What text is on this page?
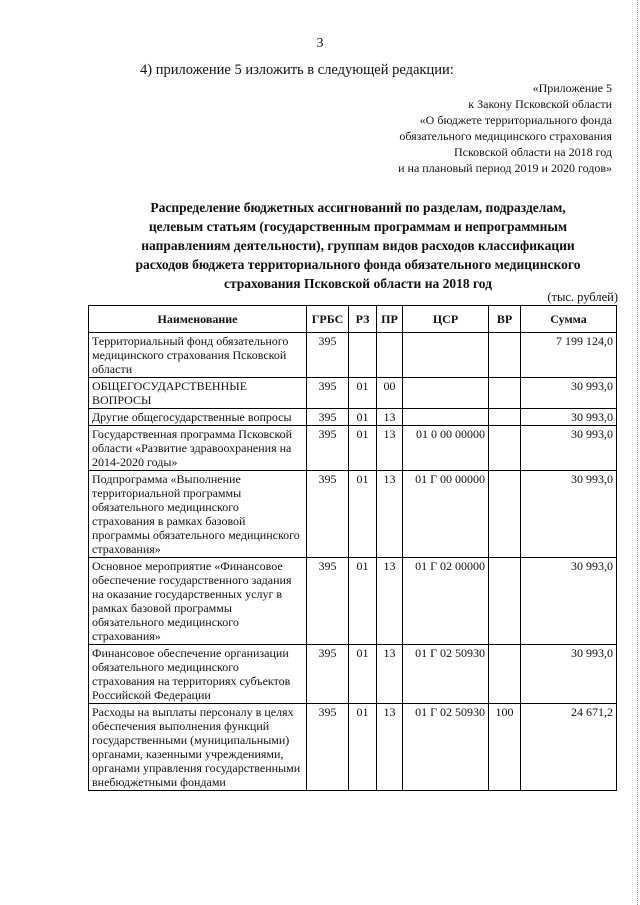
3
4) приложение 5 изложить в следующей редакции:
«Приложение 5
к Закону Псковской области
«О бюджете территориального фонда
обязательного медицинского страхования
Псковской области на 2018 год
и на плановый период 2019 и 2020 годов»
Распределение бюджетных ассигнований по разделам, подразделам,
целевым статьям (государственным программам и непрограммным
направлениям деятельности), группам видов расходов классификации
расходов бюджета территориального фонда обязательного медицинского
страхования Псковской области на 2018 год
(тыс. рублей)
Наименование	ГРБС	РЗ	ПР	ЦСР	ВР	Сумма
Территориальный фонд обязательного медицинского страхования Псковской области	395					7 199 124,0
ОБЩЕГОСУДАРСТВЕННЫЕ ВОПРОСЫ	395	01	00			30 993,0
Другие общегосударственные вопросы	395	01	13			30 993,0
Государственная программа Псковской области «Развитие здравоохранения на 2014-2020 годы»	395	01	13	01 0 00 00000		30 993,0
Подпрограмма «Выполнение территориальной программы обязательного медицинского страхования в рамках базовой программы обязательного медицинского страхования»	395	01	13	01 Г 00 00000		30 993,0
Основное мероприятие «Финансовое обеспечение государственного задания на оказание государственных услуг в рамках базовой программы обязательного медицинского страхования»	395	01	13	01 Г 02 00000		30 993,0
Финансовое обеспечение организации обязательного медицинского страхования на территориях субъектов Российской Федерации	395	01	13	01 Г 02 50930		30 993,0
Расходы на выплаты персоналу в целях обеспечения выполнения функций государственными (муниципальными) органами, казенными учреждениями, органами управления государственными внебюджетными фондами	395	01	13	01 Г 02 50930	100	24 671,2
